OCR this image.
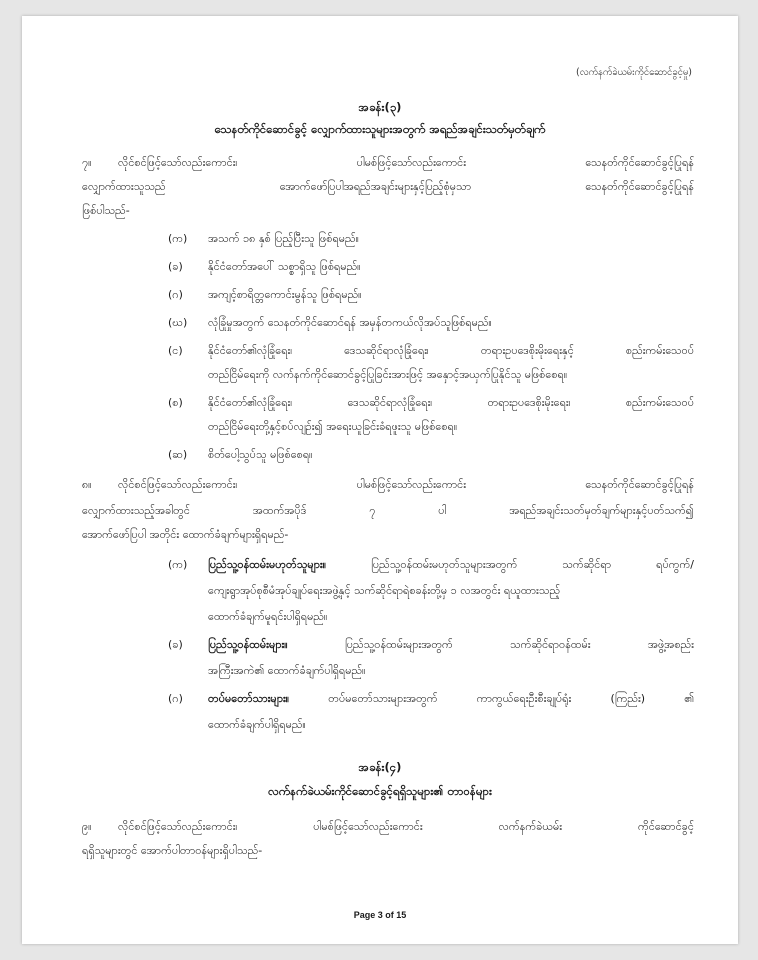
(လက်နက်ခဲယမ်းကိုင်ဆောင်ခွင့်မှု)
အခန်း(၃)
သေနတ်ကိုင်ဆောင်ခွင့် လျှောက်ထားသူများအတွက် အရည်အချင်းသတ်မှတ်ချက်
၇။ လိုင်စင်ဖြင့်သော်လည်းကောင်း၊	ပါမစ်ဖြင့်သော်လည်းကောင်း	သေနတ်ကိုင်ဆောင်ခွင့်ပြုရန်
လျှောက်ထားသူသည်	အောက်ဖော်ပြပါအရည်အချင်းများနှင့်ပြည့်စုံမှသာ	သေနတ်ကိုင်ဆောင်ခွင့်ပြုရန်
ဖြစ်ပါသည်-
(က) အသက် ၁၈ နှစ် ပြည့်ပြီးသူ ဖြစ်ရမည်။
(ခ) နိုင်ငံတော်အပေါ် သစ္စာရှိသူ ဖြစ်ရမည်။
(ဂ) အကျင့်စာရိတ္တကောင်းမွန်သူ ဖြစ်ရမည်။
(ဃ) လုံခြုံမှုအတွက် သေနတ်ကိုင်ဆောင်ရန် အမှန်တကယ်လိုအပ်သူဖြစ်ရမည်။
(င) နိုင်ငံတော်၏လုံခြုံရေး၊	ဒေသဆိုင်ရာလုံခြုံရေး၊	တရားဥပဒေစိုးမိုးရေးနှင့်	စည်းကမ်းသေဝပ်
တည်ငြိမ်ရေးကို လက်နက်ကိုင်ဆောင်ခွင့်ပြုခြင်းအားဖြင့် အနှောင့်အယှက်ပြုနိုင်သူ မဖြစ်စေရ။
(စ) နိုင်ငံတော်၏လုံခြုံရေး၊	ဒေသဆိုင်ရာလုံခြုံရေး၊	တရားဥပဒေစိုးမိုးရေး၊	စည်းကမ်းသေဝပ်
တည်ငြိမ်ရေးတို့နှင့်စပ်လျဉ်း၍ အရေးယူခြင်းခံရဖူးသူ မဖြစ်စေရ။
(ဆ) စိတ်ပေါ့သွပ်သူ မဖြစ်စေရ။
၈။ လိုင်စင်ဖြင့်သော်လည်းကောင်း၊	ပါမစ်ဖြင့်သော်လည်းကောင်း	သေနတ်ကိုင်ဆောင်ခွင့်ပြုရန်
လျှောက်ထားသည့်အခါတွင်	အထက်အပိုဒ်	၇	ပါ	အရည်အချင်းသတ်မှတ်ချက်များနှင့်ပတ်သက်၍
အောက်ဖော်ပြပါ အတိုင်း ထောက်ခံချက်များရှိရမည်-
(က) ပြည်သူ့ဝန်ထမ်းမဟုတ်သူများ။	ပြည်သူ့ဝန်ထမ်းမဟုတ်သူများအတွက်	သက်ဆိုင်ရာ	ရပ်ကွက်/
ကျေးရွာအုပ်စုစီမံအုပ်ချုပ်ရေးအဖွဲ့နှင့် သက်ဆိုင်ရာရဲစခန်းတို့မှ ၁ လအတွင်း ရယူထားသည့်
ထောက်ခံချက်မူရင်းပါရှိရမည်။
(ခ) ပြည်သူ့ဝန်ထမ်းများ။	ပြည်သူ့ဝန်ထမ်းများအတွက်	သက်ဆိုင်ရာဝန်ထမ်း	အဖွဲ့အစည်း
အကြီးအကဲ၏ ထောက်ခံချက်ပါရှိရမည်။
(ဂ) တပ်မတော်သားများ။	တပ်မတော်သားများအတွက်	ကာကွယ်ရေးဦးစီးချုပ်ရုံး	(ကြည်း)	၏
ထောက်ခံချက်ပါရှိရမည်။
အခန်း(၄)
လက်နက်ခဲယမ်းကိုင်ဆောင်ခွင့်ရရှိသူများ၏ တာဝန်များ
၉။ လိုင်စင်ဖြင့်သော်လည်းကောင်း၊	ပါမစ်ဖြင့်သော်လည်းကောင်း	လက်နက်ခဲယမ်း	ကိုင်ဆောင်ခွင့်
ရရှိသူများတွင် အောက်ပါတာဝန်များရှိပါသည်-
Page 3 of 15
